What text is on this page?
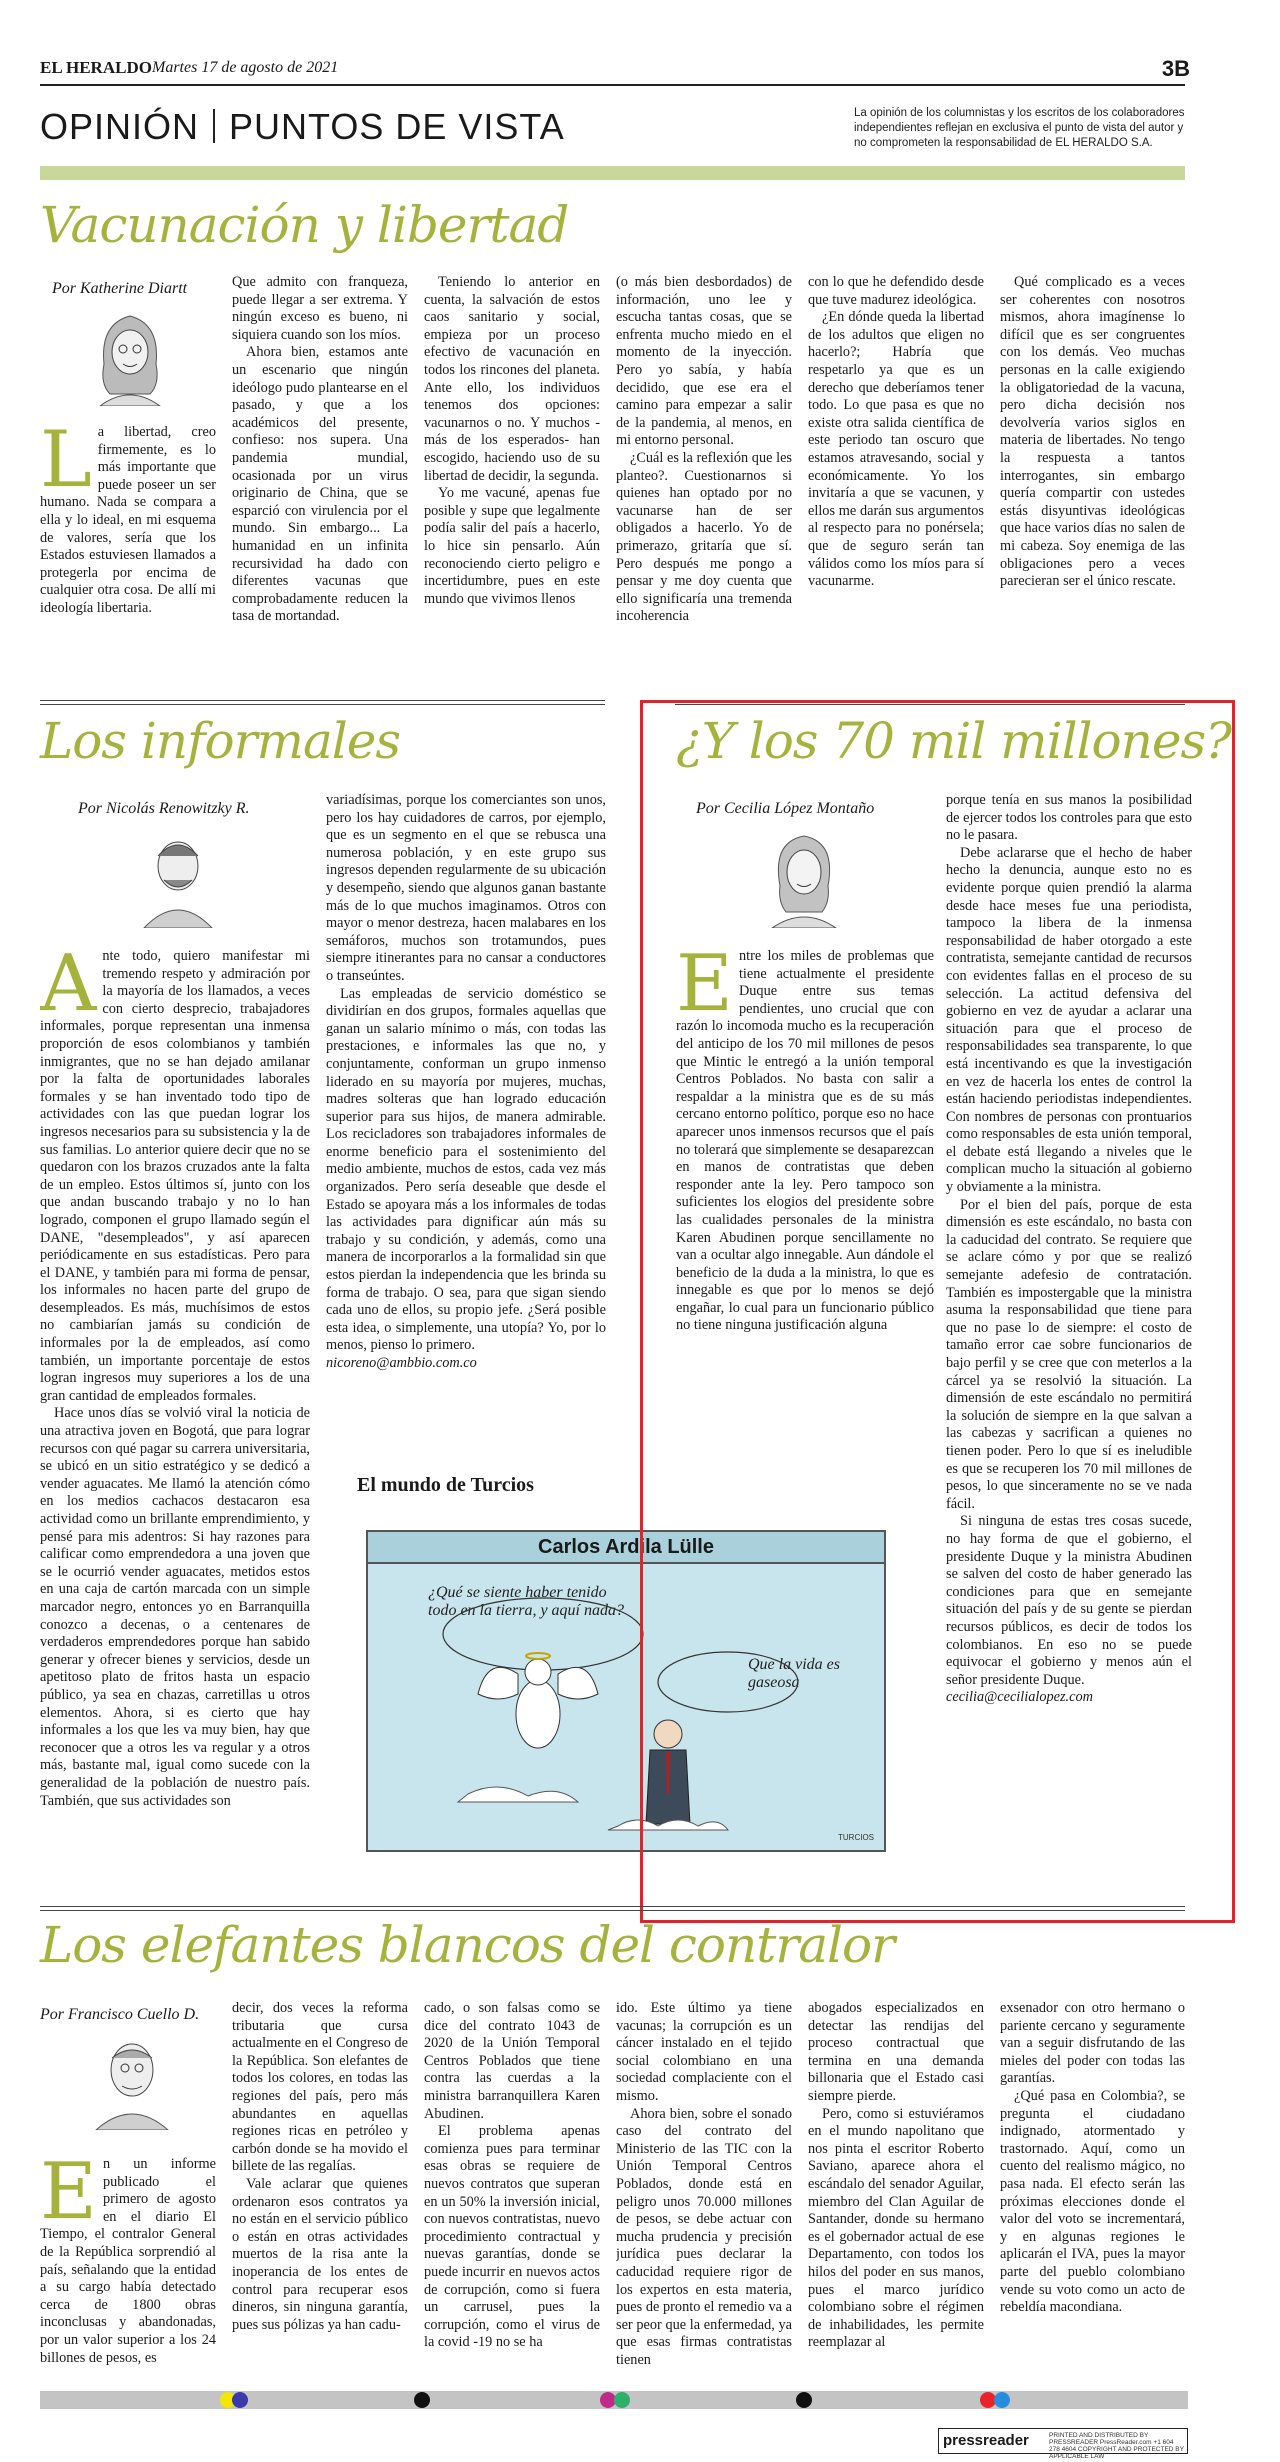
EL HERALDO Martes 17 de agosto de 2021	3B
OPINIÓN PUNTOS DE VISTA	La opinión de los columnistas y los escritos de los colaboradores independientes reflejan en exclusiva el punto de vista del autor y no comprometen la responsabilidad de EL HERALDO S.A.
Vacunación y libertad
Por Katherine Diartt

La libertad, creo firmemente, es lo más importante que puede poseer un ser humano. Nada se compara a ella y lo ideal, en mi esquema de valores, sería que los Estados estuviesen llamados a protegerla por encima de cualquier otra cosa. De allí mi ideología libertaria.

Que admito con franqueza, puede llegar a ser extrema. Y ningún exceso es bueno, ni siquiera cuando son los míos.

Ahora bien, estamos ante un escenario que ningún ideólogo pudo plantearse en el pasado, y que a los académicos del presente, confieso: nos supera. Una pandemia mundial, ocasionada por un virus originario de China, que se esparció con virulencia por el mundo. Sin embargo... La humanidad en un infinita recursividad ha dado con diferentes vacunas que comprobadamente reducen la tasa de mortandad.

Teniendo lo anterior en cuenta, la salvación de estos caos sanitario y social, empieza por un proceso efectivo de vacunación en todos los rincones del planeta. Ante ello, los individuos tenemos dos opciones: vacunarnos o no. Y muchos -más de los esperados- han escogido, haciendo uso de su libertad de decidir, la segunda.

Yo me vacuné, apenas fue posible y supe que legalmente podía salir del país a hacerlo, lo hice sin pensarlo. Aún reconociendo cierto peligro e incertidumbre, pues en este mundo que vivimos llenos

(o más bien desbordados) de información, uno lee y escucha tantas cosas, que se enfrenta mucho miedo en el momento de la inyección. Pero yo sabía, y había decidido, que ese era el camino para empezar a salir de la pandemia, al menos, en mi entorno personal.

¿Cuál es la reflexión que les planteo?. Cuestionarnos si quienes han optado por no vacunarse han de ser obligados a hacerlo. Yo de primerazo, gritaría que sí. Pero después me pongo a pensar y me doy cuenta que ello significaría una tremenda incoherencia

con lo que he defendido desde que tuve madurez ideológica.

¿En dónde queda la libertad de los adultos que eligen no hacerlo?; Habría que respetarlo ya que es un derecho que deberíamos tener todo. Lo que pasa es que no existe otra salida científica de este periodo tan oscuro que estamos atravesando, social y económicamente. Yo los invitaría a que se vacunen, y ellos me darán sus argumentos al respecto para no ponérsela; que de seguro serán tan válidos como los míos para sí vacunarme.

Qué complicado es a veces ser coherentes con nosotros mismos, ahora imagínense lo difícil que es ser congruentes con los demás. Veo muchas personas en la calle exigiendo la obligatoriedad de la vacuna, pero dicha decisión nos devolvería varios siglos en materia de libertades. No tengo la respuesta a tantos interrogantes, sin embargo quería compartir con ustedes estás disyuntivas ideológicas que hace varios días no salen de mi cabeza. Soy enemiga de las obligaciones pero a veces parecieran ser el único rescate.

Los informales
Por Nicolás Renowitzky R.

Ante todo, quiero manifestar mi tremendo respeto y admiración por la mayoría de los llamados, a veces con cierto desprecio, trabajadores informales, porque representan una inmensa proporción de esos colombianos y también inmigrantes, que no se han dejado amilanar por la falta de oportunidades laborales formales y se han inventado todo tipo de actividades con las que puedan lograr los ingresos necesarios para su subsistencia y la de sus familias. Lo anterior quiere decir que no se quedaron con los brazos cruzados ante la falta de un empleo. Estos últimos sí, junto con los que andan buscando trabajo y no lo han logrado, componen el grupo llamado según el DANE, "desempleados", y así aparecen periódicamente en sus estadísticas. Pero para el DANE, y también para mi forma de pensar, los informales no hacen parte del grupo de desempleados. Es más, muchísimos de estos no cambiarían jamás su condición de informales por la de empleados, así como también, un importante porcentaje de estos logran ingresos muy superiores a los de una gran cantidad de empleados formales.

Hace unos días se volvió viral la noticia de una atractiva joven en Bogotá, que para lograr recursos con qué pagar su carrera universitaria, se ubicó en un sitio estratégico y se dedicó a vender aguacates. Me llamó la atención cómo en los medios cachacos destacaron esa actividad como un brillante emprendimiento, y pensé para mis adentros: Si hay razones para calificar como emprendedora a una joven que se le ocurrió vender aguacates, metidos estos en una caja de cartón marcada con un simple marcador negro, entonces yo en Barranquilla conozco a decenas, o a centenares de verdaderos emprendedores porque han sabido generar y ofrecer bienes y servicios, desde un apetitoso plato de fritos hasta un espacio público, ya sea en chazas, carretillas u otros elementos. Ahora, si es cierto que hay informales a los que les va muy bien, hay que reconocer que a otros les va regular y a otros más, bastante mal, igual como sucede con la generalidad de la población de nuestro país. También, que sus actividades son

variadísimas, porque los comerciantes son unos, pero los hay cuidadores de carros, por ejemplo, que es un segmento en el que se rebusca una numerosa población, y en este grupo sus ingresos dependen regularmente de su ubicación y desempeño, siendo que algunos ganan bastante más de lo que muchos imaginamos. Otros con mayor o menor destreza, hacen malabares en los semáforos, muchos son trotamundos, pues siempre itinerantes para no cansar a conductores o transeúntes.

Las empleadas de servicio doméstico se dividirían en dos grupos, formales aquellas que ganan un salario mínimo o más, con todas las prestaciones, e informales las que no, y conjuntamente, conforman un grupo inmenso liderado en su mayoría por mujeres, muchas, madres solteras que han logrado educación superior para sus hijos, de manera admirable. Los recicladores son trabajadores informales de enorme beneficio para el sostenimiento del medio ambiente, muchos de estos, cada vez más organizados. Pero sería deseable que desde el Estado se apoyara más a los informales de todas las actividades para dignificar aún más su trabajo y su condición, y además, como una manera de incorporarlos a la formalidad sin que estos pierdan la independencia que les brinda su forma de trabajo. O sea, para que sigan siendo cada uno de ellos, su propio jefe. ¿Será posible esta idea, o simplemente, una utopía? Yo, por lo menos, pienso lo primero.

nicoreno@ambbio.com.co

El mundo de Turcios
Carlos Ardila Lülle
¿Qué se siente haber tenido todo en la tierra, y aquí nada?
Que la vida es gaseosa
TURCIOS
¿Y los 70 mil millones?
Por Cecilia López Montaño

Entre los miles de problemas que tiene actualmente el presidente Duque entre sus temas pendientes, uno crucial que con razón lo incomoda mucho es la recuperación del anticipo de los 70 mil millones de pesos que Mintic le entregó a la unión temporal Centros Poblados. No basta con salir a respaldar a la ministra que es de su más cercano entorno político, porque eso no hace aparecer unos inmensos recursos que el país no tolerará que simplemente se desaparezcan en manos de contratistas que deben responder ante la ley. Pero tampoco son suficientes los elogios del presidente sobre las cualidades personales de la ministra Karen Abudinen porque sencillamente no van a ocultar algo innegable. Aun dándole el beneficio de la duda a la ministra, lo que es innegable es que por lo menos se dejó engañar, lo cual para un funcionario público no tiene ninguna justificación alguna

porque tenía en sus manos la posibilidad de ejercer todos los controles para que esto no le pasara.

Debe aclararse que el hecho de haber hecho la denuncia, aunque esto no es evidente porque quien prendió la alarma desde hace meses fue una periodista, tampoco la libera de la inmensa responsabilidad de haber otorgado a este contratista, semejante cantidad de recursos con evidentes fallas en el proceso de su selección. La actitud defensiva del gobierno en vez de ayudar a aclarar una situación para que el proceso de responsabilidades sea transparente, lo que está incentivando es que la investigación en vez de hacerla los entes de control la están haciendo periodistas independientes. Con nombres de personas con prontuarios como responsables de esta unión temporal, el debate está llegando a niveles que le complican mucho la situación al gobierno y obviamente a la ministra.

Por el bien del país, porque de esta dimensión es este escándalo, no basta con la caducidad del contrato. Se requiere que se aclare cómo y por que se realizó semejante adefesio de contratación. También es impostergable que la ministra asuma la responsabilidad que tiene para que no pase lo de siempre: el costo de tamaño error cae sobre funcionarios de bajo perfil y se cree que con meterlos a la cárcel ya se resolvió la situación. La dimensión de este escándalo no permitirá la solución de siempre en la que salvan a las cabezas y sacrifican a quienes no tienen poder. Pero lo que sí es ineludible es que se recuperen los 70 mil millones de pesos, lo que sinceramente no se ve nada fácil.

Si ninguna de estas tres cosas sucede, no hay forma de que el gobierno, el presidente Duque y la ministra Abudinen se salven del costo de haber generado las condiciones para que en semejante situación del país y de su gente se pierdan recursos públicos, es decir de todos los colombianos. En eso no se puede equivocar el gobierno y menos aún el señor presidente Duque.

cecilia@cecilialopez.com

Los elefantes blancos del contralor
Por Francisco Cuello D.

En un informe publicado el primero de agosto en el diario El Tiempo, el contralor General de la República sorprendió al país, señalando que la entidad a su cargo había detectado cerca de 1800 obras inconclusas y abandonadas, por un valor superior a los 24 billones de pesos, es

decir, dos veces la reforma tributaria que cursa actualmente en el Congreso de la República. Son elefantes de todos los colores, en todas las regiones del país, pero más abundantes en aquellas regiones ricas en petróleo y carbón donde se ha movido el billete de las regalías.

Vale aclarar que quienes ordenaron esos contratos ya no están en el servicio público o están en otras actividades muertos de la risa ante la inoperancia de los entes de control para recuperar esos dineros, sin ninguna garantía, pues sus pólizas ya han cadu-

cado, o son falsas como se dice del contrato 1043 de 2020 de la Unión Temporal Centros Poblados que tiene contra las cuerdas a la ministra barranquillera Karen Abudinen.

El problema apenas comienza pues para terminar esas obras se requiere de nuevos contratos que superan en un 50% la inversión inicial, con nuevos contratistas, nuevo procedimiento contractual y nuevas garantías, donde se puede incurrir en nuevos actos de corrupción, como si fuera un carrusel, pues la corrupción, como el virus de la covid -19 no se ha

ido. Este último ya tiene vacunas; la corrupción es un cáncer instalado en el tejido social colombiano en una sociedad complaciente con el mismo.

Ahora bien, sobre el sonado caso del contrato del Ministerio de las TIC con la Unión Temporal Centros Poblados, donde está en peligro unos 70.000 millones de pesos, se debe actuar con mucha prudencia y precisión jurídica pues declarar la caducidad requiere rigor de los expertos en esta materia, pues de pronto el remedio va a ser peor que la enfermedad, ya que esas firmas contratistas tienen

abogados especializados en detectar las rendijas del proceso contractual que termina en una demanda billonaria que el Estado casi siempre pierde.

Pero, como si estuviéramos en el mundo napolitano que nos pinta el escritor Roberto Saviano, aparece ahora el escándalo del senador Aguilar, miembro del Clan Aguilar de Santander, donde su hermano es el gobernador actual de ese Departamento, con todos los hilos del poder en sus manos, pues el marco jurídico colombiano sobre el régimen de inhabilidades, les permite reemplazar al

exsenador con otro hermano o pariente cercano y seguramente van a seguir disfrutando de las mieles del poder con todas las garantías.

¿Qué pasa en Colombia?, se pregunta el ciudadano indignado, atormentado y trastornado. Aquí, como un cuento del realismo mágico, no pasa nada. El efecto serán las próximas elecciones donde el valor del voto se incrementará, y en algunas regiones le aplicarán el IVA, pues la mayor parte del pueblo colombiano vende su voto como un acto de rebeldía macondiana.

pressreader	PRINTED AND DISTRIBUTED BY PRESSREADER PressReader.com +1 604 278 4604 COPYRIGHT AND PROTECTED BY APPLICABLE LAW
